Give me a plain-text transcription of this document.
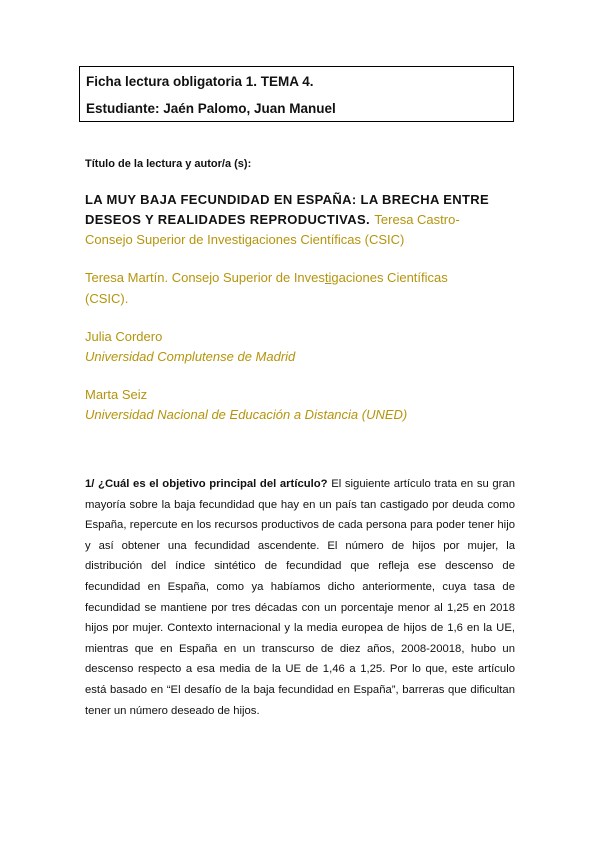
Ficha lectura obligatoria 1. TEMA 4.
Estudiante: Jaén Palomo, Juan Manuel
Título de la lectura y autor/a (s):
LA MUY BAJA FECUNDIDAD EN ESPAÑA: LA BRECHA ENTRE
DESEOS Y REALIDADES REPRODUCTIVAS. Teresa Castro-
Consejo Superior de Investigaciones Científicas (CSIC)
Teresa Martín. Consejo Superior de Investigaciones Científicas
(CSIC).
Julia Cordero
Universidad Complutense de Madrid
Marta Seiz
Universidad Nacional de Educación a Distancia (UNED)
1/ ¿Cuál es el objetivo principal del artículo? El siguiente artículo trata en su gran mayoría sobre la baja fecundidad que hay en un país tan castigado por deuda como España, repercute en los recursos productivos de cada persona para poder tener hijo y así obtener una fecundidad ascendente. El número de hijos por mujer, la distribución del índice sintético de fecundidad que refleja ese descenso de fecundidad en España, como ya habíamos dicho anteriormente, cuya tasa de fecundidad se mantiene por tres décadas con un porcentaje menor al 1,25 en 2018 hijos por mujer. Contexto internacional y la media europea de hijos de 1,6 en la UE, mientras que en España en un transcurso de diez años, 2008-20018, hubo un descenso respecto a esa media de la UE de 1,46 a 1,25. Por lo que, este artículo está basado en “El desafío de la baja fecundidad en España”, barreras que dificultan tener un número deseado de hijos.
